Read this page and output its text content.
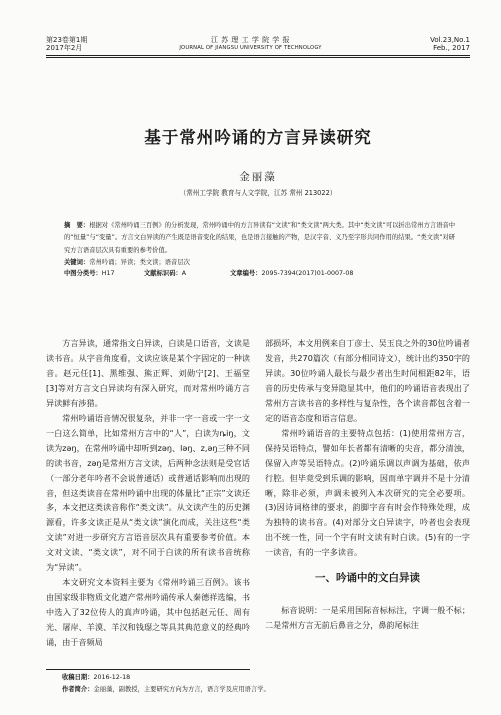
第23卷第1期
2017年2月
江 苏 理 工 学 院 学 报
JOURNAL OF JIANGSU UNIVERSITY OF TECHNOLOGY
Vol.23,No.1
Feb., 2017
基于常州吟诵的方言异读研究
金丽藻
（常州工学院 教育与人文学院，江苏 常州 213022）
摘　要：根据对《常州吟诵三百例》的分析发现，常州吟诵中的方言异读有“文读”和“类文读”两大类。其中“类文读”可以折出常州方言语音中的“恒量”与“变量”。方言文白异读的产生既是语音变化的结果，也是语言接触的产物，是汉字音、义乃至字形共同作用的结果。“类文读”对研究方言语音层次具有重要的参考价值。
关键词：常州吟诵；异读；类文读；语音层次
中图分类号：H17	文献标识码：A	文章编号：2095-7394(2017)01-0007-08

方言异读，通常指文白异读，白读是口语音，文读是读书音。从字音角度看，文读应该是某个字固定的一种读音。赵元任[1]、黑维强、熊正辉、刘勋宁[2]、王福堂[3]等对方言文白异读均有深入研究，而对常州吟诵方言异读鲜有涉猎。

常州吟诵语音情况很复杂，并非一字一音或一字一文一白这么简单，比如常州方言中的“人”，白读为ȵiŋ，文读为zəŋ，在常州吟诵中却听到zəŋ、ləŋ、z,əŋ三种不同的读书音，zəŋ是常州方言文读，后两种念法则是受官话（一部分老年吟者不会说普通话）或普通话影响而出现的音，但这类读音在常州吟诵中出现的体量比“正宗”文读还多，本文把这类读音称作“类文读”。从文读产生的历史渊源看，许多文读正是从“类文读”演化而成，关注这些“类文读”对进一步研究方言语音层次具有重要参考价值。本文对文读、“类文读”，对不同于白读的所有读书音统称为“异读”。

本文研究文本资料主要为《常州吟诵三百例》。该书由国家级非物质文化遗产常州吟诵传承人秦德祥选编，书中选入了32位传人的真声吟诵，其中包括赵元任、周有光、屠岸、羊漠、羊汉和钱璱之等具其典范意义的经典吟诵，由于音频局

部损坏，本文用例来自丁彦士、吴玉良之外的30位吟诵者发音，共270篇次（有部分相同诗文），统计出约350字的异读。30位吟诵人最长与最少者出生时间相距82年，语音的历史传承与变异隐显其中，他们的吟诵语音表现出了常州方言读书音的多样性与复杂性，各个读音都包含着一定的语音态度和语言信息。

常州吟诵语音的主要特点包括：(1)使用常州方言，保持吴语特点，譬如年长者都有清晰的尖音，都分清浊，保留入声等吴语特点。(2)吟诵乐调以声调为基础，依声行腔。但毕竟受到乐调的影响，因而单字调并不是十分清晰，除非必须，声调未被列入本次研究的完全必要项。(3)因诗词格律的要求，韵脚字音有时会作特殊处理，成为独特的读书音。(4)对部分文白异读字，吟者也会表现出不统一性，同一个字有时文读有时白读。(5)有的一字一读音，有的一字多读音。

一、吟诵中的文白异读

标音说明：一是采用国际音标标注，字调一般不标；二是常州方言无前后鼻音之分，鼻韵尾标注

收稿日期：2016-12-18
作者简介：金丽藻，副教授，主要研究方向为方言，语言学及应用语言学。
